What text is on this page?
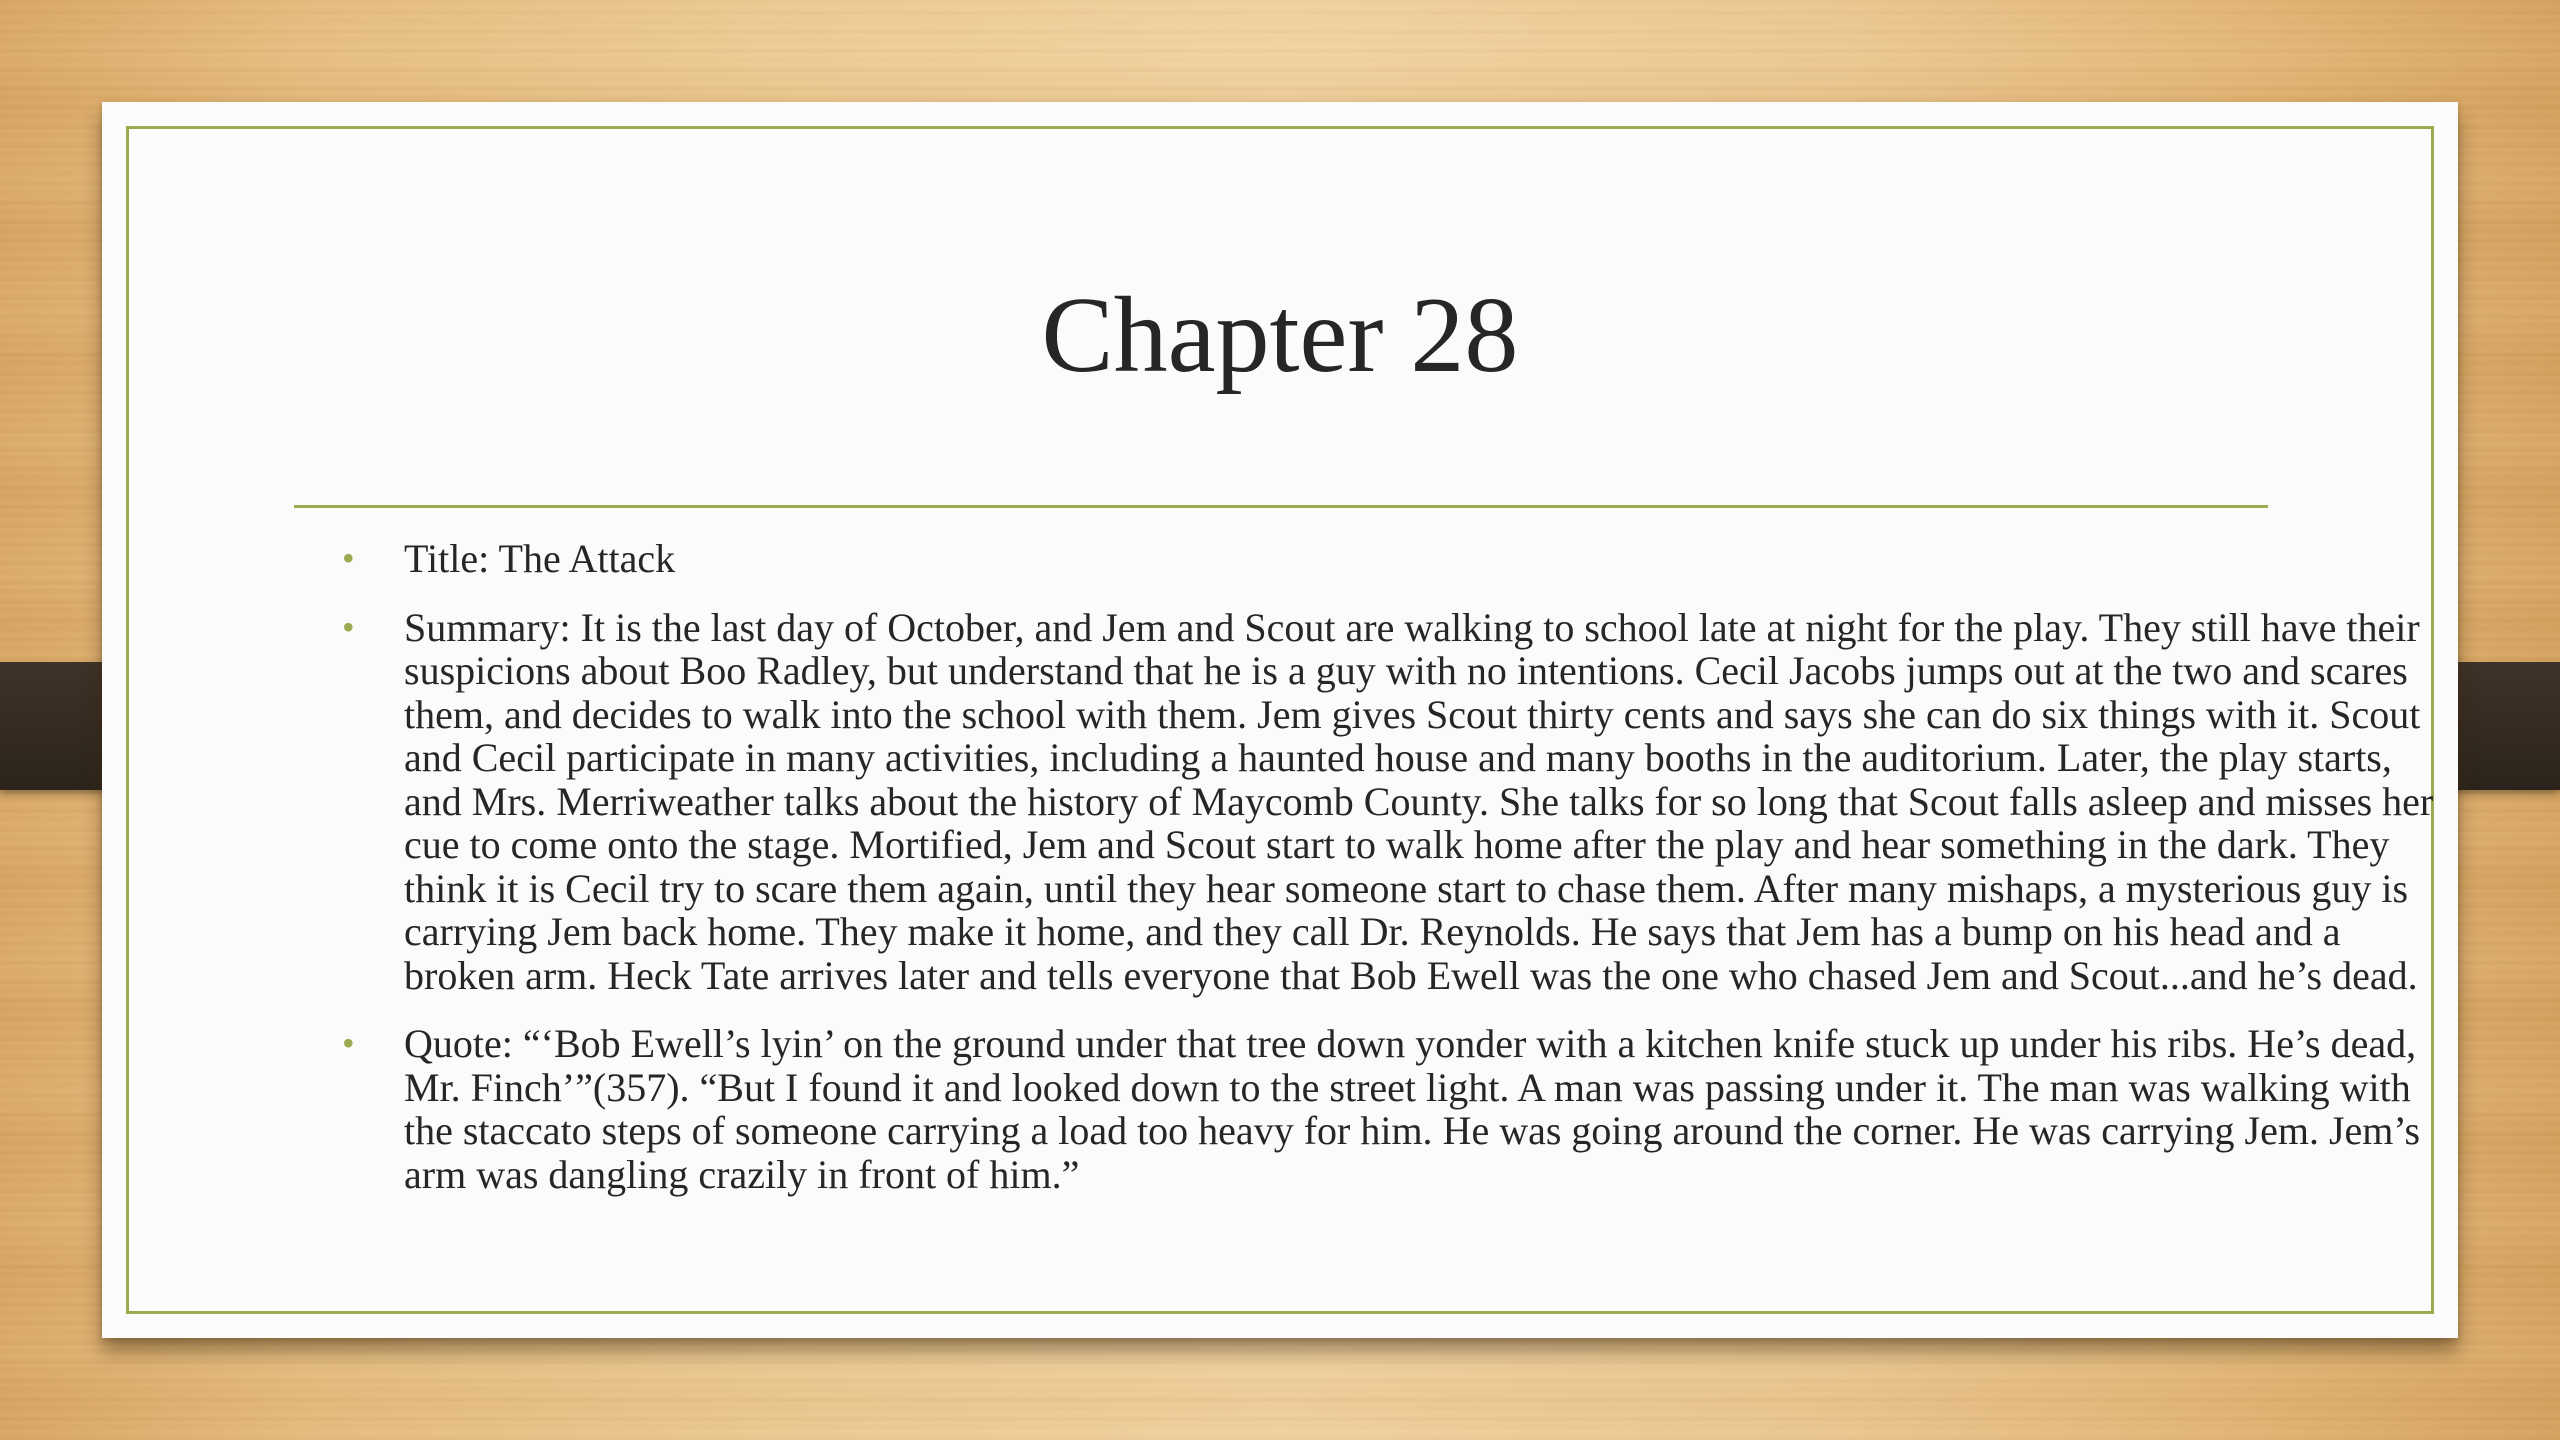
Chapter 28
• Title: The Attack
• Summary: It is the last day of October, and Jem and Scout are walking to school late at night for the play. They still have their suspicions about Boo Radley, but understand that he is a guy with no intentions. Cecil Jacobs jumps out at the two and scares them, and decides to walk into the school with them. Jem gives Scout thirty cents and says she can do six things with it. Scout and Cecil participate in many activities, including a haunted house and many booths in the auditorium. Later, the play starts, and Mrs. Merriweather talks about the history of Maycomb County. She talks for so long that Scout falls asleep and misses her cue to come onto the stage. Mortified, Jem and Scout start to walk home after the play and hear something in the dark. They think it is Cecil try to scare them again, until they hear someone start to chase them. After many mishaps, a mysterious guy is carrying Jem back home. They make it home, and they call Dr. Reynolds. He says that Jem has a bump on his head and a broken arm. Heck Tate arrives later and tells everyone that Bob Ewell was the one who chased Jem and Scout...and he’s dead.
• Quote: “‘Bob Ewell’s lyin’ on the ground under that tree down yonder with a kitchen knife stuck up under his ribs. He’s dead, Mr. Finch’”(357). “But I found it and looked down to the street light. A man was passing under it. The man was walking with the staccato steps of someone carrying a load too heavy for him. He was going around the corner. He was carrying Jem. Jem’s arm was dangling crazily in front of him.”
